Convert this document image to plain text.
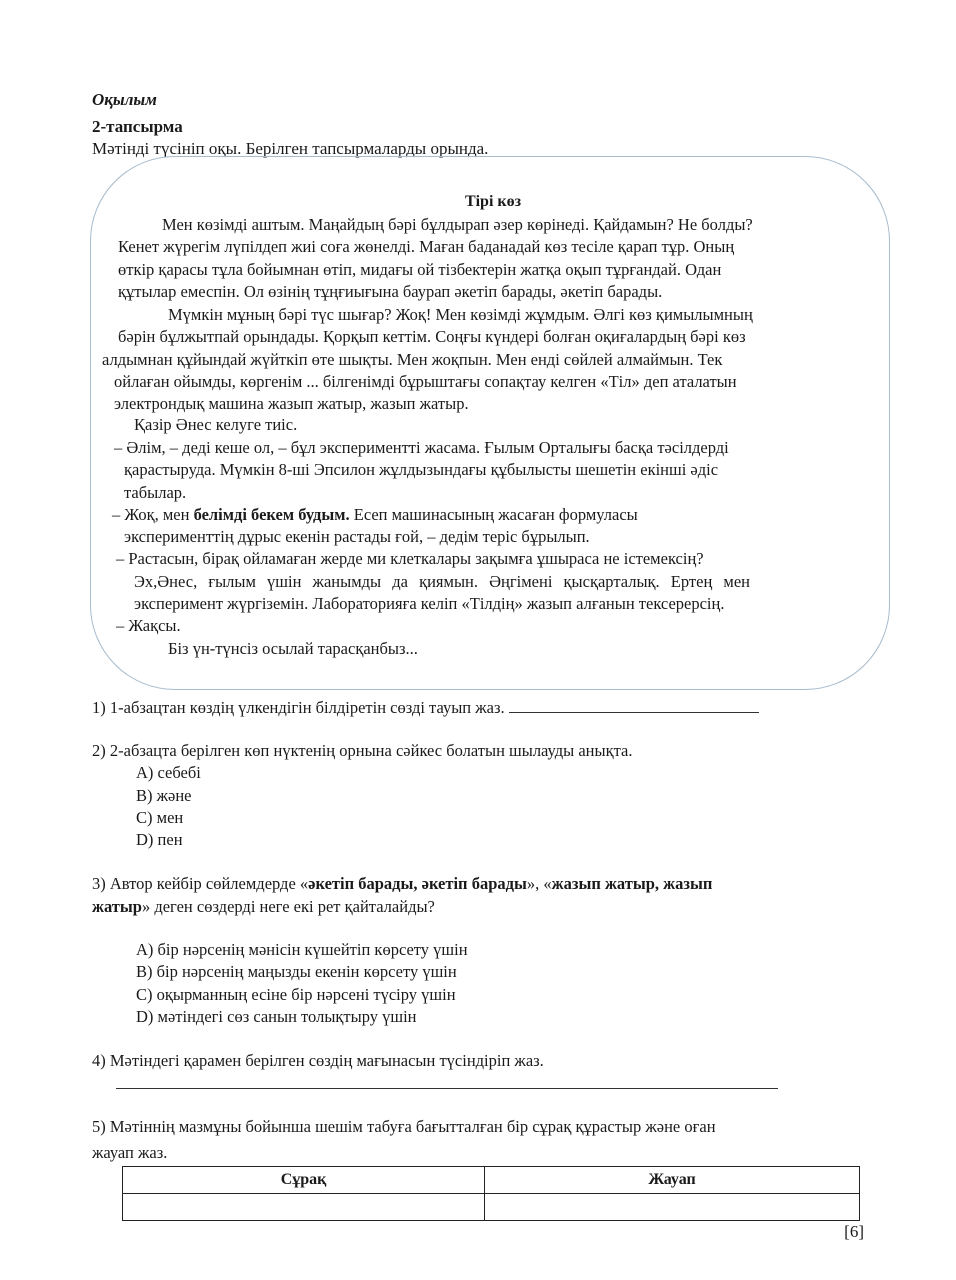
Оқылым
2-тапсырма
Мәтінді түсініп оқы. Берілген тапсырмаларды орында.
Тірі көз
Мен көзімді аштым. Маңайдың бәрі бұлдырап әзер көрінеді. Қайдамын? Не болды?
Кенет жүрегім лүпілдеп жиі соға жөнелді. Маған баданадай көз тесіле қарап тұр. Оның
өткір қарасы тұла бойымнан өтіп, мидағы ой тізбектерін жатқа оқып тұрғандай. Одан
құтылар емеспін. Ол өзінің тұңғиығына баурап әкетіп барады, әкетіп барады.
Мүмкін мұның бәрі түс шығар? Жоқ! Мен көзімді жұмдым. Әлгі көз қимылымның
бәрін бұлжытпай орындады. Қорқып кеттім. Соңғы күндері болған оқиғалардың бәрі көз
алдымнан құйындай жүйткіп өте шықты. Мен жоқпын. Мен енді сөйлей алмаймын. Тек
ойлаған ойымды, көргенім ... білгенімді бұрыштағы сопақтау келген «Тіл» деп аталатын
электрондық машина жазып жатыр, жазып жатыр.
Қазір Әнес келуге тиіс.
– Әлім, – деді кеше ол, – бұл экспериментті жасама. Ғылым Орталығы басқа тәсілдерді
қарастыруда. Мүмкін 8-ші Эпсилон жұлдызындағы құбылысты шешетін екінші әдіс
табылар.
– Жоқ, мен белімді бекем будым. Есеп машинасының жасаған формуласы
эксперименттің дұрыс екенін растады ғой, – дедім теріс бұрылып.
– Растасын, бірақ ойламаған жерде ми клеткалары зақымға ұшыраса не істемексің?
Эх,Әнес, ғылым үшін жанымды да қиямын. Әңгімені қысқарталық. Ертең мен
эксперимент жүргіземін. Лабораторияға келіп «Тілдің» жазып алғанын тексерерсің.
– Жақсы.
Біз үн-түнсіз осылай тарасқанбыз...
1) 1-абзацтан көздің үлкендігін білдіретін сөзді тауып жаз.
2) 2-абзацта берілген көп нүктенің орнына сәйкес болатын шылауды анықта.
A) себебі
B) және
C) мен
D) пен
3) Автор кейбір сөйлемдерде «әкетіп барады, әкетіп барады», «жазып жатыр, жазып
жатыр» деген сөздерді неге екі рет қайталайды?
A) бір нәрсенің мәнісін күшейтіп көрсету үшін
B) бір нәрсенің маңызды екенін көрсету үшін
C) оқырманның есіне бір нәрсені түсіру үшін
D) мәтіндегі сөз санын толықтыру үшін
4) Мәтіндегі қарамен берілген сөздің мағынасын түсіндіріп жаз.
5) Мәтіннің мазмұны бойынша шешім табуға бағытталған бір сұрақ құрастыр және оған
жауап жаз.
Сұрақ	Жауап

[6]
